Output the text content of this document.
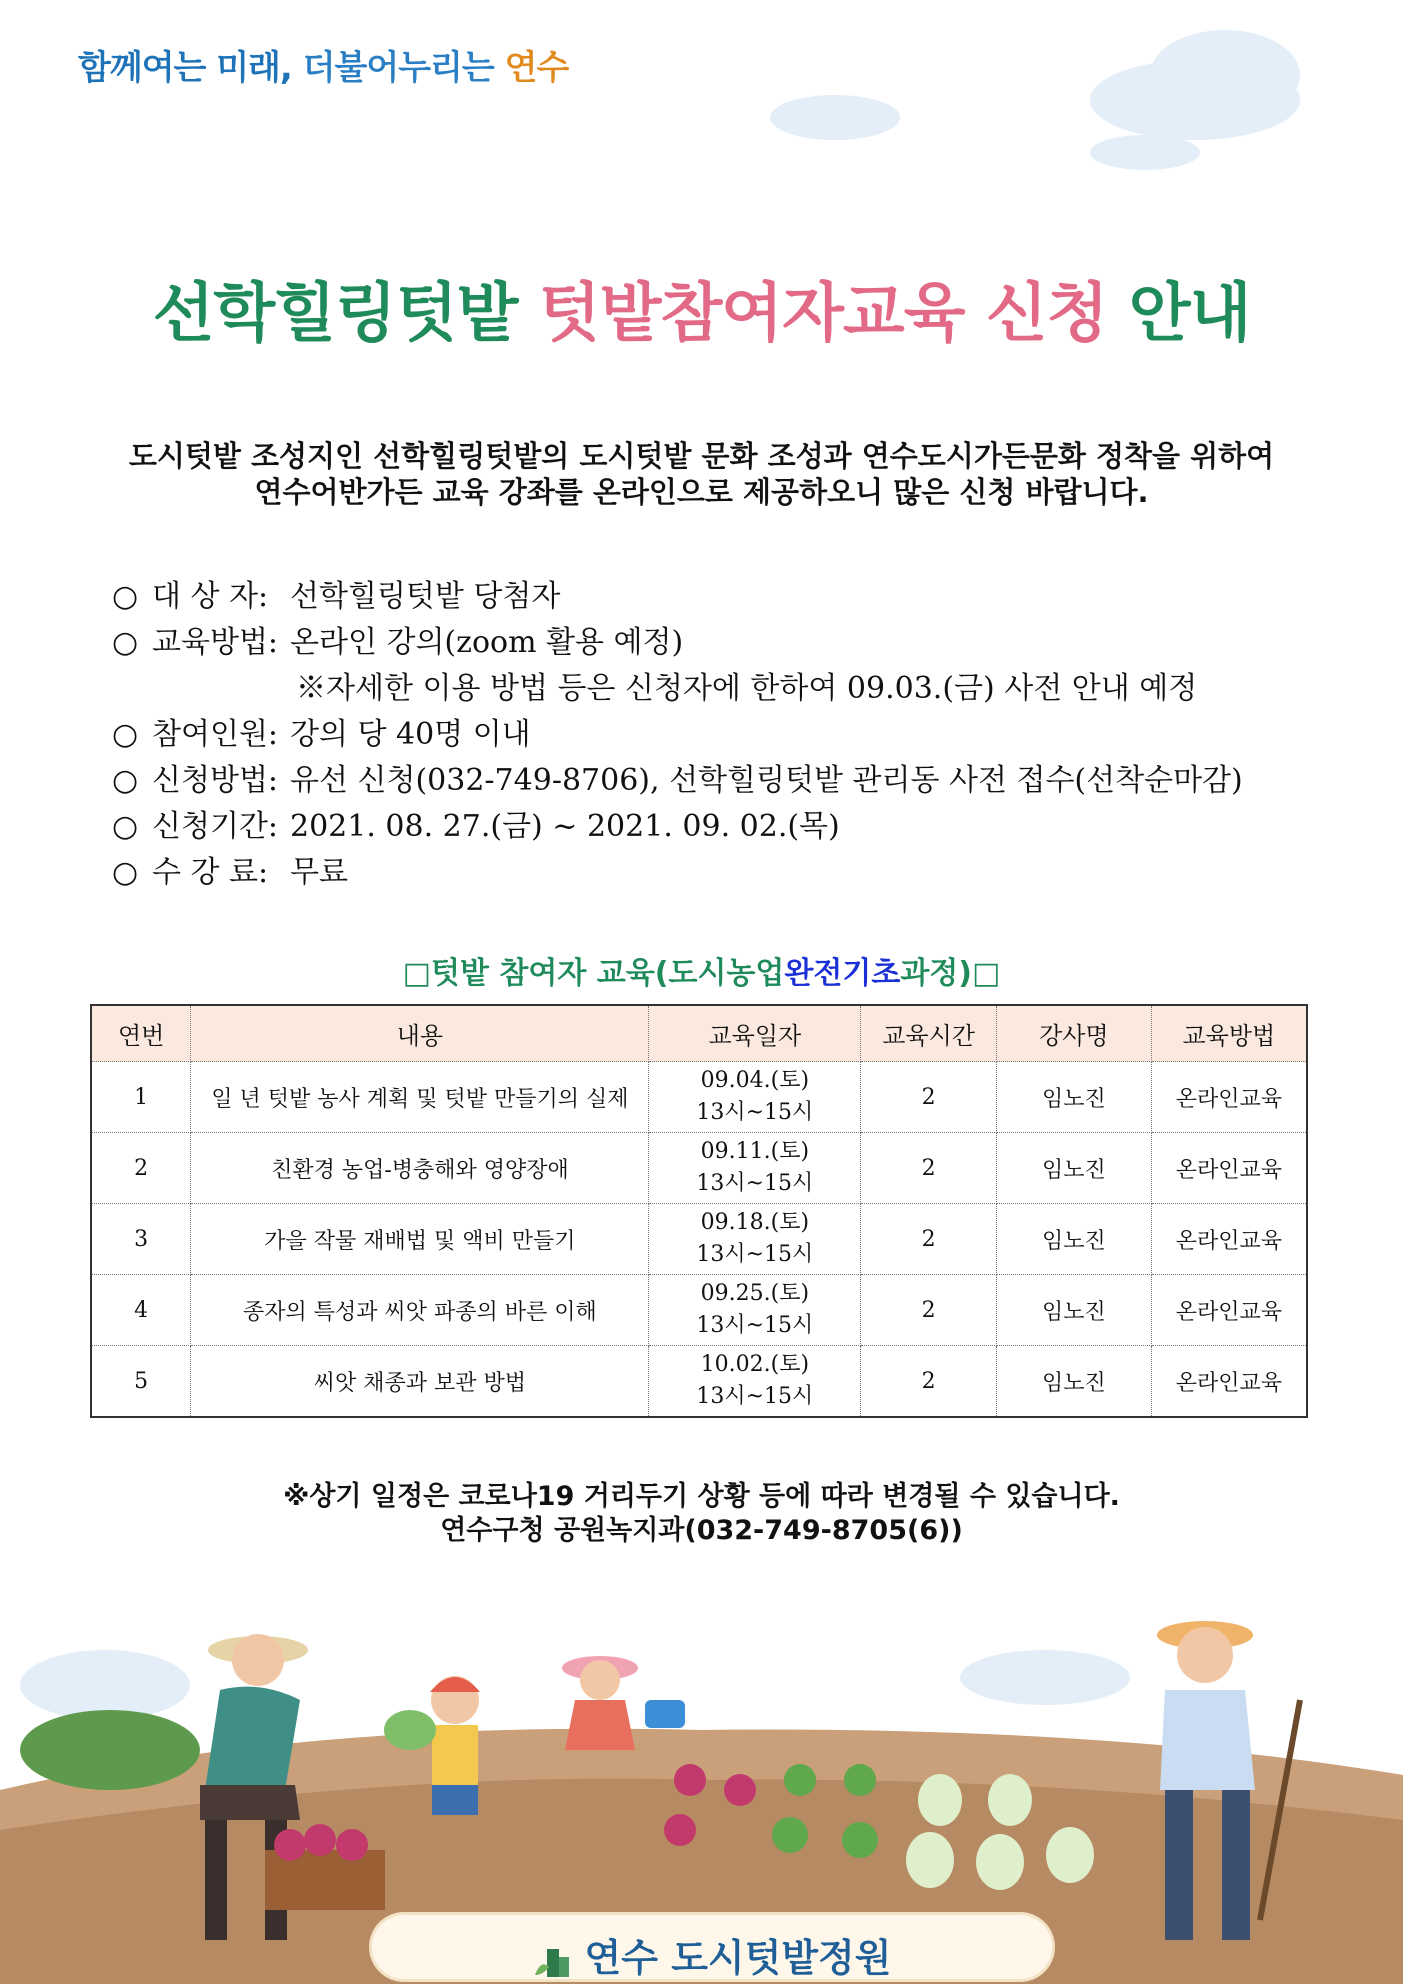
함께여는 미래, 더불어누리는 연수
선학힐링텃밭 텃밭참여자교육 신청 안내
도시텃밭 조성지인 선학힐링텃밭의 도시텃밭 문화 조성과 연수도시가든문화 정착을 위하여
연수어반가든 교육 강좌를 온라인으로 제공하오니 많은 신청 바랍니다.
○ 대 상 자: 선학힐링텃밭 당첨자
○ 교육방법: 온라인 강의(zoom 활용 예정)
※자세한 이용 방법 등은 신청자에 한하여 09.03.(금) 사전 안내 예정
○ 참여인원: 강의 당 40명 이내
○ 신청방법: 유선 신청(032-749-8706), 선학힐링텃밭 관리동 사전 접수(선착순마감)
○ 신청기간: 2021. 08. 27.(금) ~ 2021. 09. 02.(목)
○ 수 강 료: 무료
□텃밭 참여자 교육(도시농업완전기초과정)□
연번	내용	교육일자	교육시간	강사명	교육방법
1	일 년 텃밭 농사 계획 및 텃밭 만들기의 실제	09.04.(토)
13시~15시	2	임노진	온라인교육
2	친환경 농업-병충해와 영양장애	09.11.(토)
13시~15시	2	임노진	온라인교육
3	가을 작물 재배법 및 액비 만들기	09.18.(토)
13시~15시	2	임노진	온라인교육
4	종자의 특성과 씨앗 파종의 바른 이해	09.25.(토)
13시~15시	2	임노진	온라인교육
5	씨앗 채종과 보관 방법	10.02.(토)
13시~15시	2	임노진	온라인교육
※상기 일정은 코로나19 거리두기 상황 등에 따라 변경될 수 있습니다.
연수구청 공원녹지과(032-749-8705(6))
연수 도시텃밭정원
